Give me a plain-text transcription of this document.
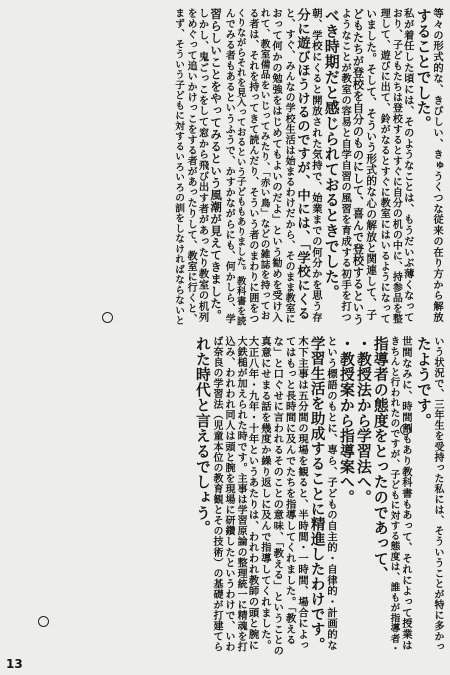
等々の形式的な、きびしい、きゅうくつな従来の在り方から解放
することでした。
私が着任した頃には、そのようなことは、もうだいぶ薄くなって
おり、子どもたちは登校するとすぐに自分の机の中に、持参品を整
理して、遊びに出て、鈴がなるとすぐに教室にはいるようになって
いました。そして、そういう形式的な心の解放と関連して、子
どもたちが登校を自分のものにして、喜んで登校するという
ようなことが教室の容易と自学自習の風習を育成する初手を打つ
べき時期だと感じられておるときでした。
朝、学校にくると開放された気持で、始業までの何分かを思う存
分に遊びほうけるのですが、中には、「学校にくる
と、すぐ、みんなの学校生活は始まるわけだから、そのまま教室に
おって何かの勉強をはじめてもよいのだよ」という勧めを受け入
れて、教室備品をいじってみたり、「赤い鳥」などの雑誌を持ってお
る者は、それを持ってきて読んだり、そういう者のまわりに囲をつ
くりながらそれを見入っておるという子どももありました。教科書を読
んでみる者もあるというふうで、かすかながらにも、何かしら、学
習らしいことをやってみるという風潮が見えてきました。
しかし、鬼ごっこをして窓から飛び出す者があったり教室の机列
をめぐって追いかけっこをする者があったりして、教室に行くと、
まず、そういう子どもに対するいろいろの訓をしなければならないと
いう状況で、三年生を受持った私には、そういうことが特に多かっ
たようです。
世間なみに、時間割もあり教科書もあって、それによって授業は
きちんと行われたのですが、子どもに対する態度は、誰もが指導者・
指導者の態度をとったのであって、
・教授法から学習法へ。
・教授案から指導案へ。
という標語のもとに、専ら、子どもの自主的・自律的・計画的な
学習生活を助成することに精進したわけです。
木下主事は五分間の現場を観ると、半時間・一時間、場合によっ
てはもっと長時間に及んでたちを指導してくれました。「教える
な」と口ぐせに言われるそのことの意味、「教える」ということの
真意にせまる話を幾度か繰り返しに及んで指導してくれました。
大正八年・九年・十年というあたりは、われわれ教師の頭と腕に
大鉄槌が加えられた時です。主事は学習原論の整理統一に精魂を打
込み、われわれ同人は頭と腕を現場に研鑽したというわけで、いわ
ば奈良の学習法（児童本位の教育観とその技術）の基礎が打建てら
れた時代と言えるでしょう。
13
